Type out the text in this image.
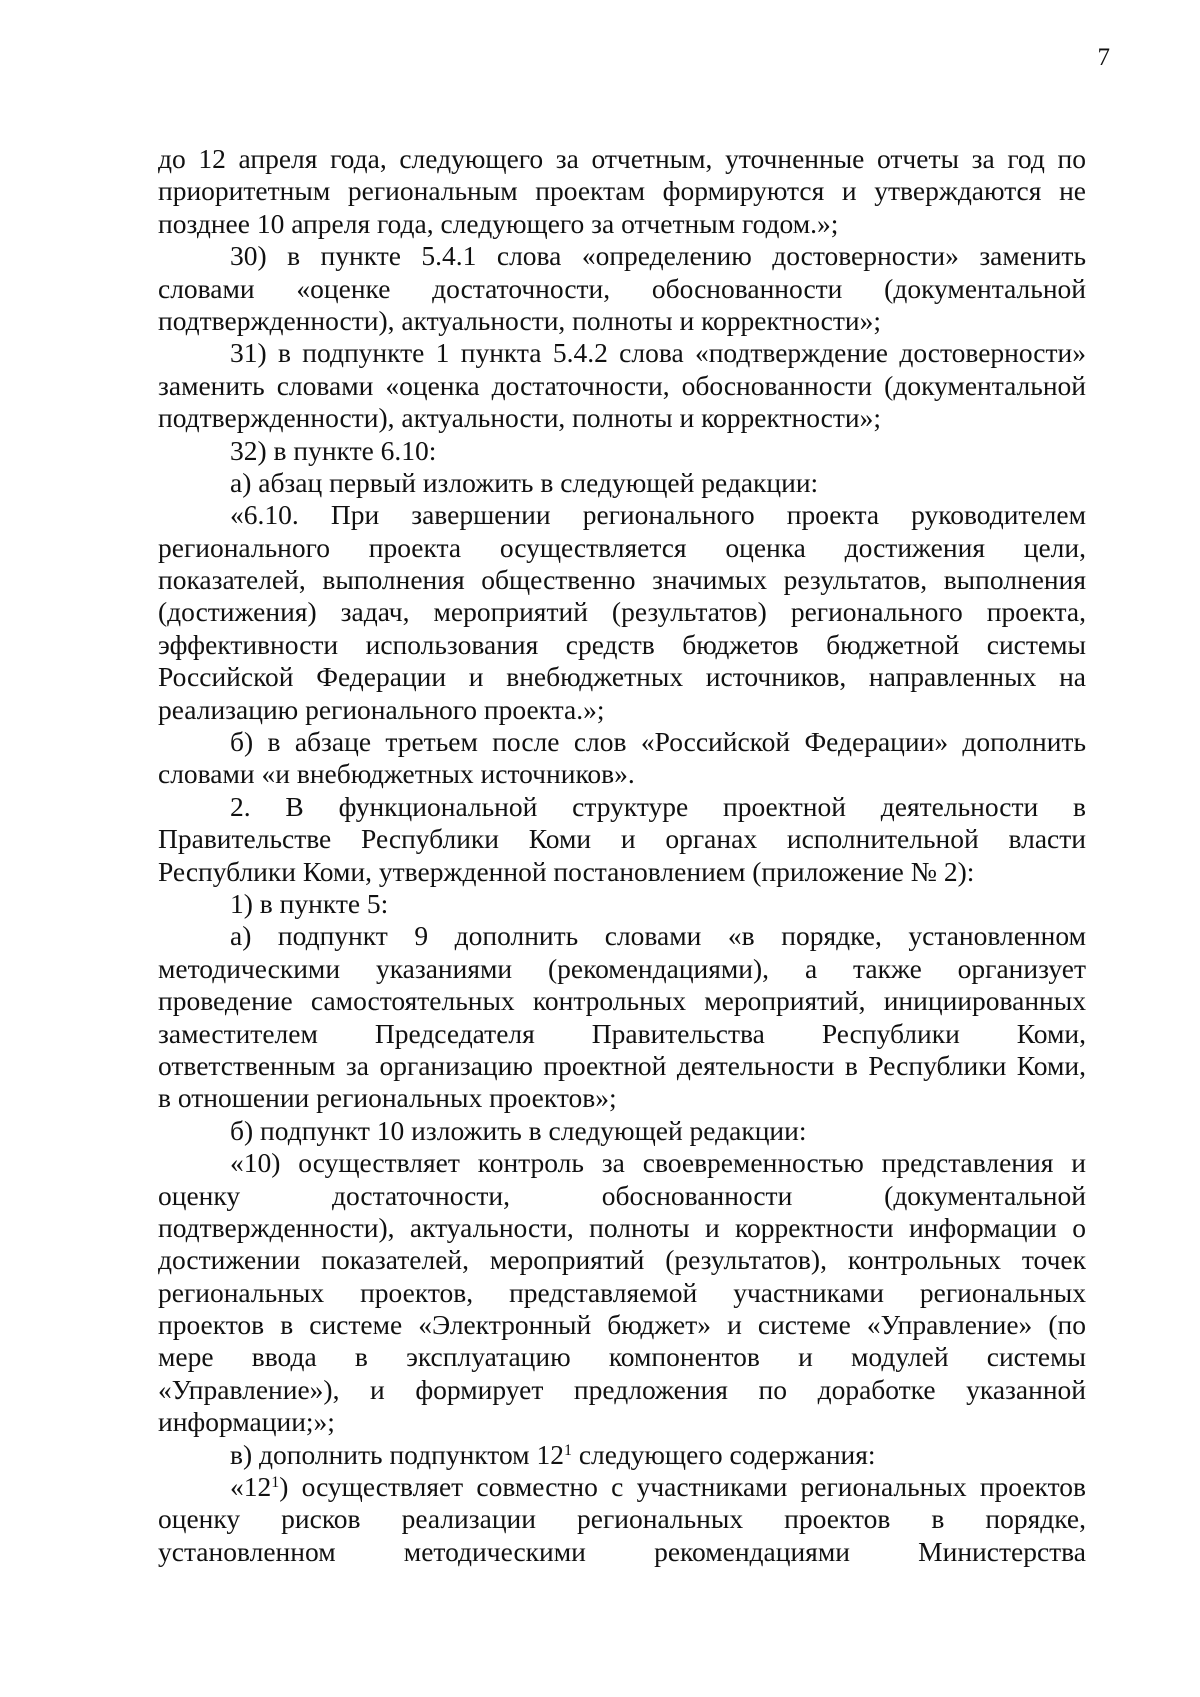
7
до 12 апреля года, следующего за отчетным, уточненные отчеты за год по
приоритетным региональным проектам формируются и утверждаются не
позднее 10 апреля года, следующего за отчетным годом.»;
30) в пункте 5.4.1 слова «определению достоверности» заменить
словами «оценке достаточности, обоснованности (документальной
подтвержденности), актуальности, полноты и корректности»;
31) в подпункте 1 пункта 5.4.2 слова «подтверждение достоверности»
заменить словами «оценка достаточности, обоснованности (документальной
подтвержденности), актуальности, полноты и корректности»;
32) в пункте 6.10:
а) абзац первый изложить в следующей редакции:
«6.10. При завершении регионального проекта руководителем
регионального проекта осуществляется оценка достижения цели,
показателей, выполнения общественно значимых результатов, выполнения
(достижения) задач, мероприятий (результатов) регионального проекта,
эффективности использования средств бюджетов бюджетной системы
Российской Федерации и внебюджетных источников, направленных на
реализацию регионального проекта.»;
б) в абзаце третьем после слов «Российской Федерации» дополнить
словами «и внебюджетных источников».
2. В функциональной структуре проектной деятельности в
Правительстве Республики Коми и органах исполнительной власти
Республики Коми, утвержденной постановлением (приложение № 2):
1) в пункте 5:
а) подпункт 9 дополнить словами «в порядке, установленном
методическими указаниями (рекомендациями), а также организует
проведение самостоятельных контрольных мероприятий, инициированных
заместителем Председателя Правительства Республики Коми,
ответственным за организацию проектной деятельности в Республики Коми,
в отношении региональных проектов»;
б) подпункт 10 изложить в следующей редакции:
«10) осуществляет контроль за своевременностью представления и
оценку достаточности, обоснованности (документальной
подтвержденности), актуальности, полноты и корректности информации о
достижении показателей, мероприятий (результатов), контрольных точек
региональных проектов, представляемой участниками региональных
проектов в системе «Электронный бюджет» и системе «Управление» (по
мере ввода в эксплуатацию компонентов и модулей системы
«Управление»), и формирует предложения по доработке указанной
информации;»;
в) дополнить подпунктом $12^1$ следующего содержания:
«$12^1$) осуществляет совместно с участниками региональных проектов
оценку рисков реализации региональных проектов в порядке,
установленном методическими рекомендациями Министерства
